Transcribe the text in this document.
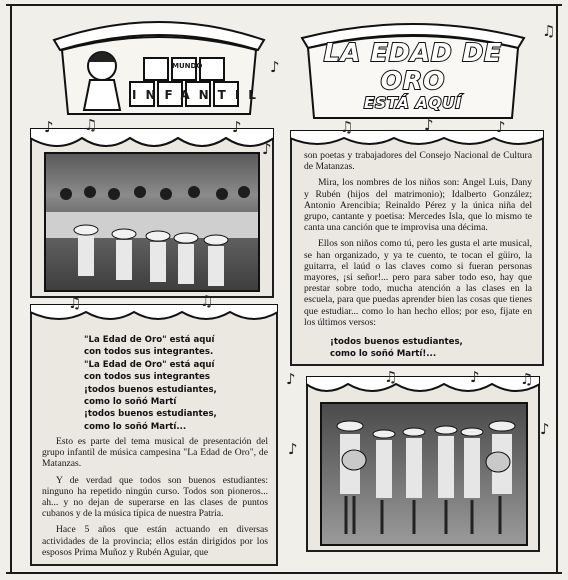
MUNDO
INFANTIL
LA EDAD DE
ORO
ESTÁ AQUÍ
"La Edad de Oro" está aquí
con todos sus integrantes.
"La Edad de Oro" está aquí
con todos sus integrantes
¡todos buenos estudiantes,
como lo soñó Martí
¡todos buenos estudiantes,
como lo soñó Martí...

Esto es parte del tema musical de presentación del grupo infantil de música campesina "La Edad de Oro", de Matanzas.

Y de verdad que todos son buenos estudiantes: ninguno ha repetido ningún curso. Todos son pioneros... ah... y no dejan de superarse en las clases de puntos cubanos y de la música típica de nuestra Patria.

Hace 5 años que están actuando en diversas actividades de la provincia; ellos están dirigidos por los esposos Prima Muñoz y Rubén Aguiar, que

son poetas y trabajadores del Consejo Nacional de Cultura de Matanzas.

Mira, los nombres de los niños son: Angel Luis, Dany y Rubén (hijos del matrimonio); Idalberto González; Antonio Arencibia; Reinaldo Pérez y la única niña del grupo, cantante y poetisa: Mercedes Isla, que lo mismo te canta una canción que te improvisa una décima.

Ellos son niños como tú, pero les gusta el arte musical, se han organizado, y ya te cuento, te tocan el güiro, la guitarra, el laúd o las claves como si fueran personas mayores, ¡si señor!... pero para saber todo eso, hay que prestar sobre todo, mucha atención a las clases en la escuela, para que puedas aprender bien las cosas que tienes que estudiar... como lo han hecho ellos; por eso, fíjate en los últimos versos:

¡todos buenos estudiantes,
como lo soñó Martí!...
♫
♪
♪ ♫	♪
♪
♫	♪	♪
♫	♫
♪	♫	♪	♫
♪
♪
